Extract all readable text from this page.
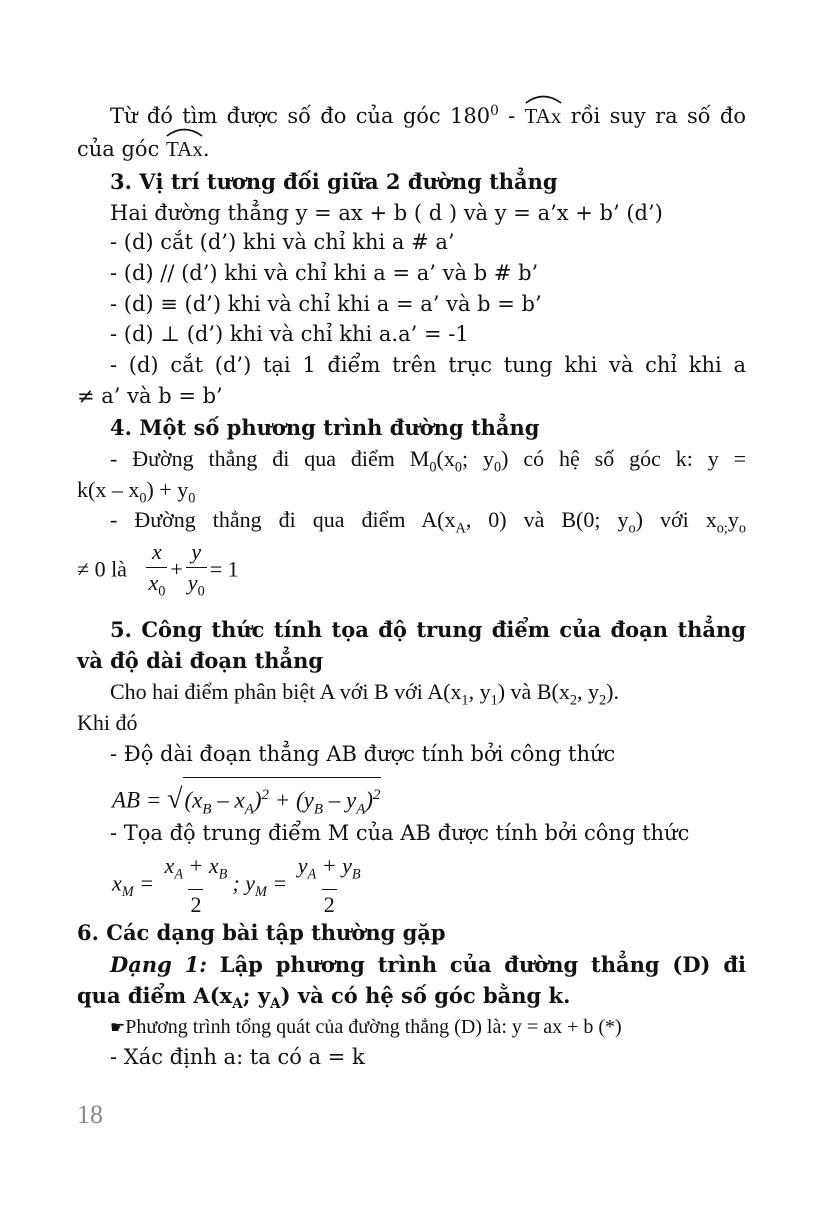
Từ đó tìm được số đo của góc $180^0$ -
TAx rồi suy ra số đo
của góc
TAx.
3. Vị trí tương đối giữa 2 đường thẳng
Hai đường thẳng y = ax + b ( d ) và y = a’x + b’ (d’)
- (d) cắt (d’) khi và chỉ khi a # a’
- (d) // (d’) khi và chỉ khi a = a’ và b # b’
- (d) ≡ (d’) khi và chỉ khi a = a’ và b = b’
- (d) ⊥ (d’) khi và chỉ khi a.a’ = -1
- (d) cắt (d’) tại 1 điểm trên trục tung khi và chỉ khi a
≠ a’ và b = b’
4. Một số phương trình đường thẳng
- Đường thẳng đi qua điểm $M_0(x_0$; $y_0$) có hệ số góc k: y =
$k(x - x_0) + y_0$
- Đường thẳng đi qua điểm $A(x_A$, 0) và B(0; $y_o$) với $x_{o;}y_o$
≠ 0 là $\frac{x}{x_0} + \frac{y}{y_0} = 1$
5. Công thức tính tọa độ trung điểm của đoạn thẳng
và độ dài đoạn thẳng
Cho hai điểm phân biệt A với B với $A(x_1$, $y_1$) và $B(x_2$, $y_2$).
Khi đó
- Độ dài đoạn thẳng AB được tính bởi công thức
AB = $√(x_B - x_A)^2 + (y_B - y_A)^2$
- Tọa độ trung điểm M của AB được tính bởi công thức
$x_M = \frac{x_A + x_B}{2}$ ; $y_M = \frac{y_A + y_B}{2}$
6. Các dạng bài tập thường gặp
Dạng 1: Lập phương trình của đường thẳng (D) đi
qua điểm $A(x_A$; $y_A$) và có hệ số góc bằng k.
☛Phương trình tổng quát của đường thẳng (D) là: y = ax + b (*)
- Xác định a: ta có a = k
18
